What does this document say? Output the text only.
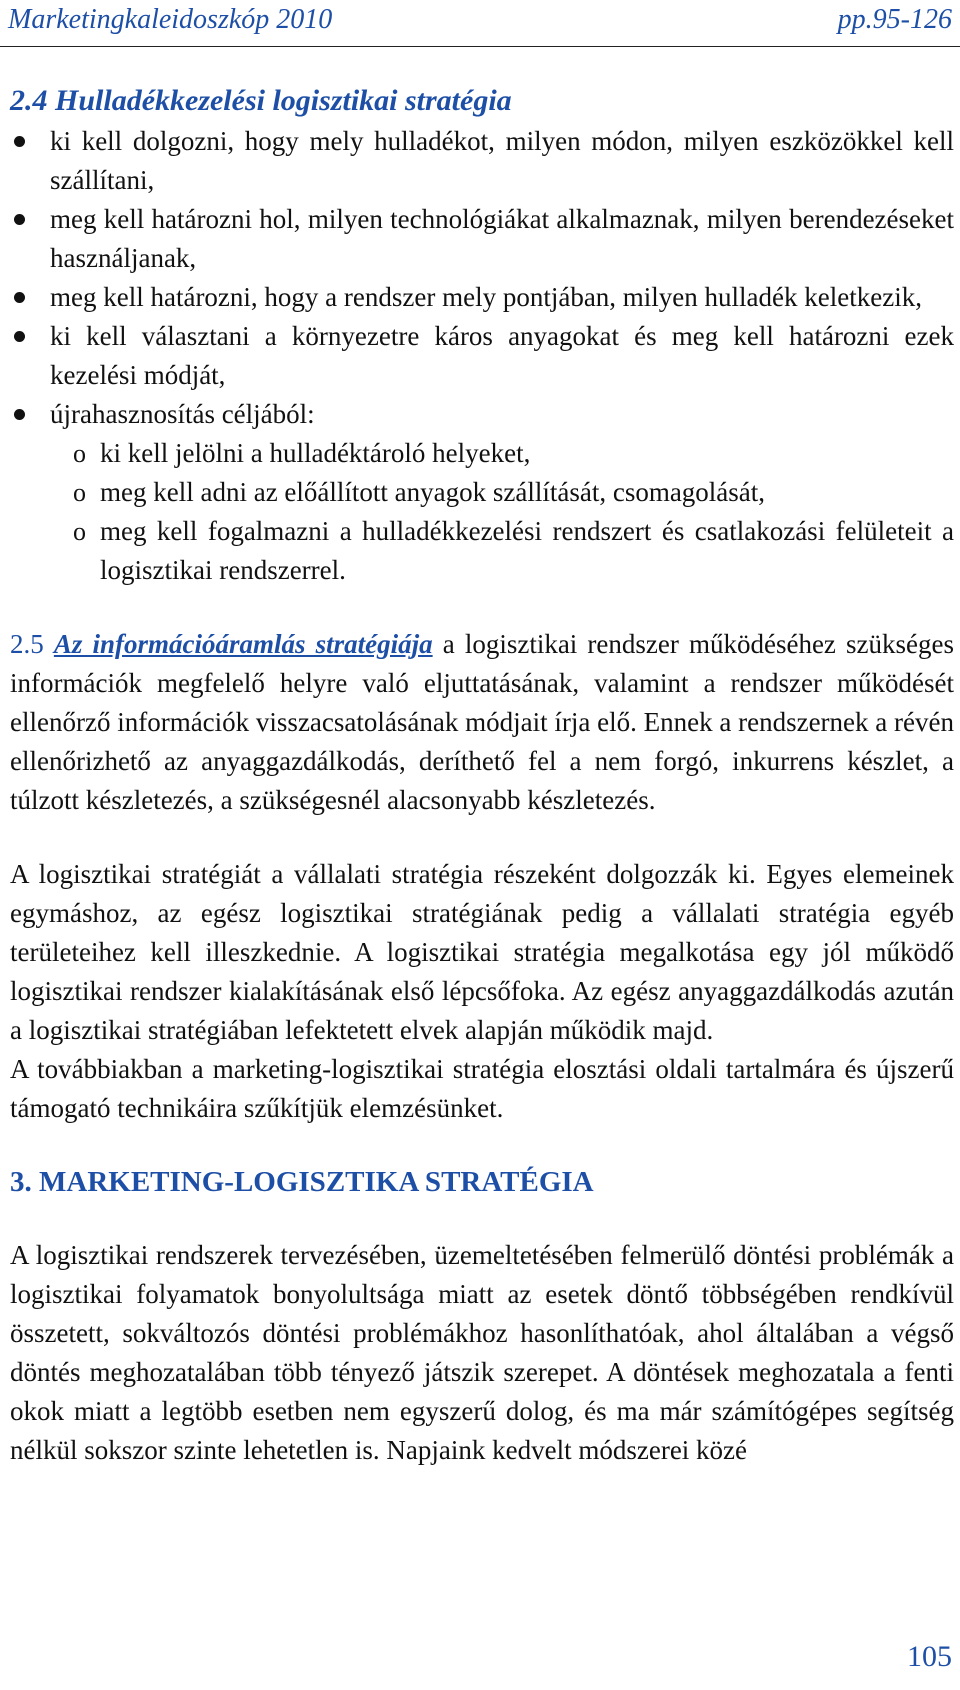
Marketingkaleidoszkóp 2010	pp.95-126
2.4 Hulladékkezelési logisztikai stratégia
ki kell dolgozni, hogy mely hulladékot, milyen módon, milyen eszközökkel kell szállítani,
meg kell határozni hol, milyen technológiákat alkalmaznak, milyen berendezéseket használjanak,
meg kell határozni, hogy a rendszer mely pontjában, milyen hulladék keletkezik,
ki kell választani a környezetre káros anyagokat és meg kell határozni ezek kezelési módját,
újrahasznosítás céljából:
o ki kell jelölni a hulladéktároló helyeket,
o meg kell adni az előállított anyagok szállítását, csomagolását,
o meg kell fogalmazni a hulladékkezelési rendszert és csatlakozási felületeit a logisztikai rendszerrel.

2.5 Az információáramlás stratégiája a logisztikai rendszer működéséhez szükséges információk megfelelő helyre való eljuttatásának, valamint a rendszer működését ellenőrző információk visszacsatolásának módjait írja elő. Ennek a rendszernek a révén ellenőrizhető az anyaggazdálkodás, deríthető fel a nem forgó, inkurrens készlet, a túlzott készletezés, a szükségesnél alacsonyabb készletezés.

A logisztikai stratégiát a vállalati stratégia részeként dolgozzák ki. Egyes elemeinek egymáshoz, az egész logisztikai stratégiának pedig a vállalati stratégia egyéb területeihez kell illeszkednie. A logisztikai stratégia megalkotása egy jól működő logisztikai rendszer kialakításának első lépcsőfoka. Az egész anyaggazdálkodás azután a logisztikai stratégiában lefektetett elvek alapján működik majd.

A továbbiakban a marketing-logisztikai stratégia elosztási oldali tartalmára és újszerű támogató technikáira szűkítjük elemzésünket.

3. MARKETING-LOGISZTIKA STRATÉGIA

A logisztikai rendszerek tervezésében, üzemeltetésében felmerülő döntési problémák a logisztikai folyamatok bonyolultsága miatt az esetek döntő többségében rendkívül összetett, sokváltozós döntési problémákhoz hasonlíthatóak, ahol általában a végső döntés meghozatalában több tényező játszik szerepet. A döntések meghozatala a fenti okok miatt a legtöbb esetben nem egyszerű dolog, és ma már számítógépes segítség nélkül sokszor szinte lehetetlen is. Napjaink kedvelt módszerei közé

105
